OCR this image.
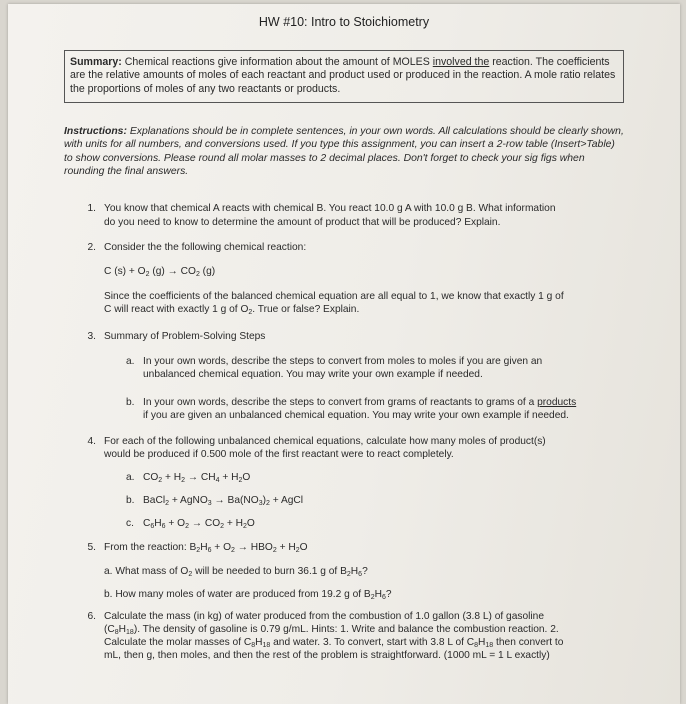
HW #10: Intro to Stoichiometry
Summary: Chemical reactions give information about the amount of MOLES involved the reaction. The coefficients are the relative amounts of moles of each reactant and product used or produced in the reaction. A mole ratio relates the proportions of moles of any two reactants or products.
Instructions: Explanations should be in complete sentences, in your own words. All calculations should be clearly shown, with units for all numbers, and conversions used. If you type this assignment, you can insert a 2-row table (Insert>Table) to show conversions. Please round all molar masses to 2 decimal places. Don't forget to check your sig figs when rounding the final answers.
1. You know that chemical A reacts with chemical B. You react 10.0 g A with 10.0 g B. What information
do you need to know to determine the amount of product that will be produced? Explain.
2. Consider the the following chemical reaction:
C $(s) + O_2$ $(g) \to CO_2$ (g)
Since the coefficients of the balanced chemical equation are all equal to 1, we know that exactly 1 g of
C will react with exactly 1 g of $O_2$. True or false? Explain.
3. Summary of Problem-Solving Steps
a. In your own words, describe the steps to convert from moles to moles if you are given an
unbalanced chemical equation. You may write your own example if needed.
b. In your own words, describe the steps to convert from grams of reactants to grams of a products
if you are given an unbalanced chemical equation. You may write your own example if needed.
4. For each of the following unbalanced chemical equations, calculate how many moles of product(s)
would be produced if 0.500 mole of the first reactant were to react completely.
a. $CO_2 + H_2 \to CH_4 + H_2O$
b. BaCl$_2$ + AgNO$_3$ → $Ba(NO_3)_2$ + AgCl
c. $C_6H_6 + O_2 \to CO_2 + H_2O$
5. From the reaction: $B_2H_6 + O_2 \to HBO_2 + H_2O$
a. What mass of $O_2$ will be needed to burn 36.1 g of $B_2H_6$?
b. How many moles of water are produced from 19.2 g of $B_2H_6$?
6. Calculate the mass (in kg) of water produced from the combustion of 1.0 gallon (3.8 L) of gasoline
$(C_8H_{18})$. The density of gasoline is 0.79 g/mL. Hints: 1. Write and balance the combustion reaction. 2.
Calculate the molar masses of $C_8H_{18}$ and water. 3. To convert, start with 3.8 L of $C_8H_{18}$ then convert to
mL, then g, then moles, and then the rest of the problem is straightforward. (1000 mL = 1 L exactly)
